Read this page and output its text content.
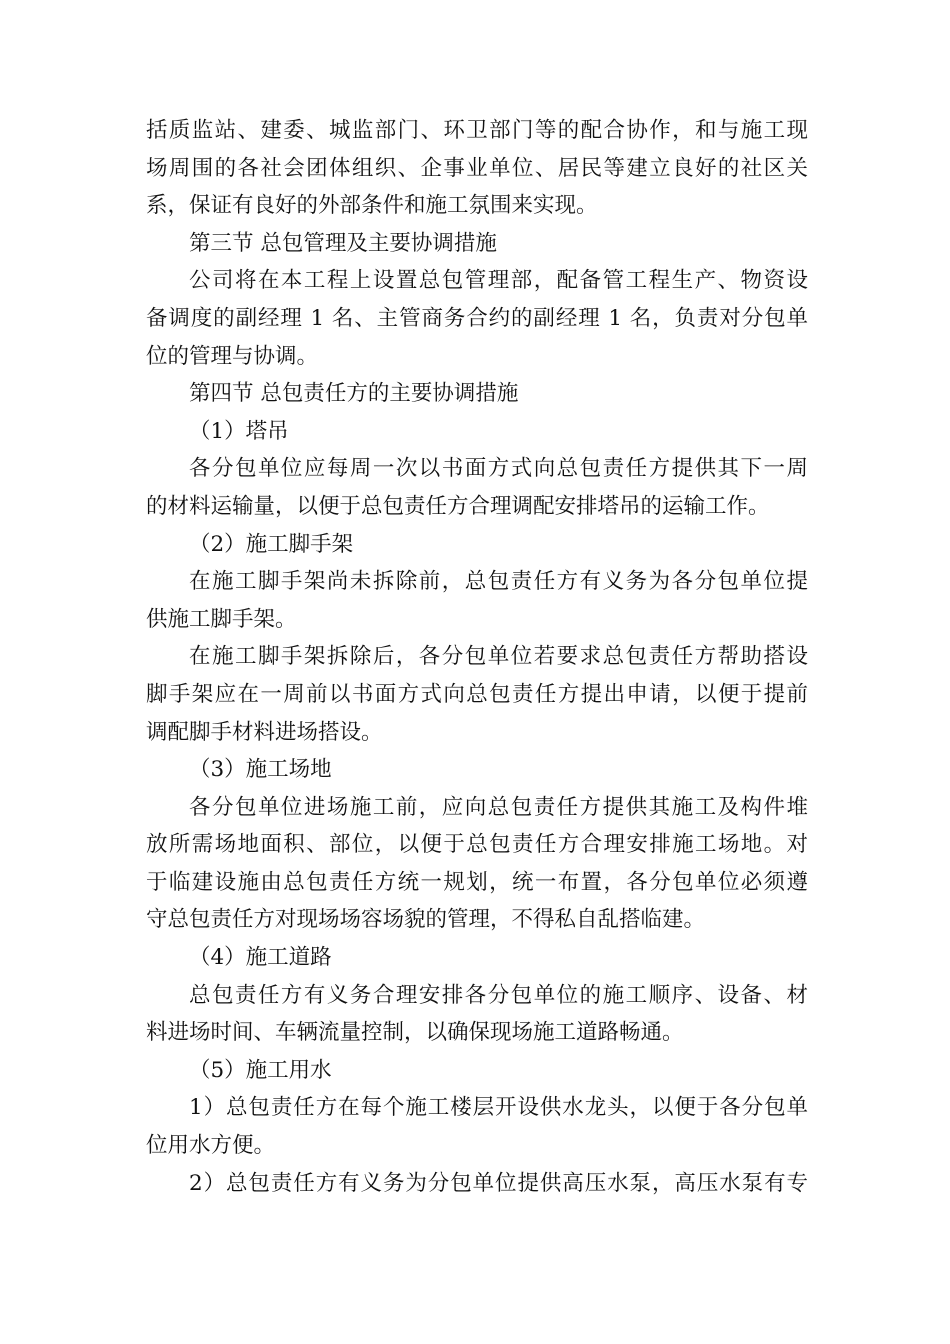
括质监站、建委、城监部门、环卫部门等的配合协作，和与施工现
场周围的各社会团体组织、企事业单位、居民等建立良好的社区关
系，保证有良好的外部条件和施工氛围来实现。
第三节 总包管理及主要协调措施
公司将在本工程上设置总包管理部，配备管工程生产、物资设
备调度的副经理 1 名、主管商务合约的副经理 1 名，负责对分包单
位的管理与协调。
第四节 总包责任方的主要协调措施
（1）塔吊
各分包单位应每周一次以书面方式向总包责任方提供其下一周
的材料运输量，以便于总包责任方合理调配安排塔吊的运输工作。
（2）施工脚手架
在施工脚手架尚未拆除前，总包责任方有义务为各分包单位提
供施工脚手架。
在施工脚手架拆除后，各分包单位若要求总包责任方帮助搭设
脚手架应在一周前以书面方式向总包责任方提出申请，以便于提前
调配脚手材料进场搭设。
（3）施工场地
各分包单位进场施工前，应向总包责任方提供其施工及构件堆
放所需场地面积、部位，以便于总包责任方合理安排施工场地。对
于临建设施由总包责任方统一规划，统一布置，各分包单位必须遵
守总包责任方对现场场容场貌的管理，不得私自乱搭临建。
（4）施工道路
总包责任方有义务合理安排各分包单位的施工顺序、设备、材
料进场时间、车辆流量控制，以确保现场施工道路畅通。
（5）施工用水
1）总包责任方在每个施工楼层开设供水龙头，以便于各分包单
位用水方便。
2）总包责任方有义务为分包单位提供高压水泵，高压水泵有专
